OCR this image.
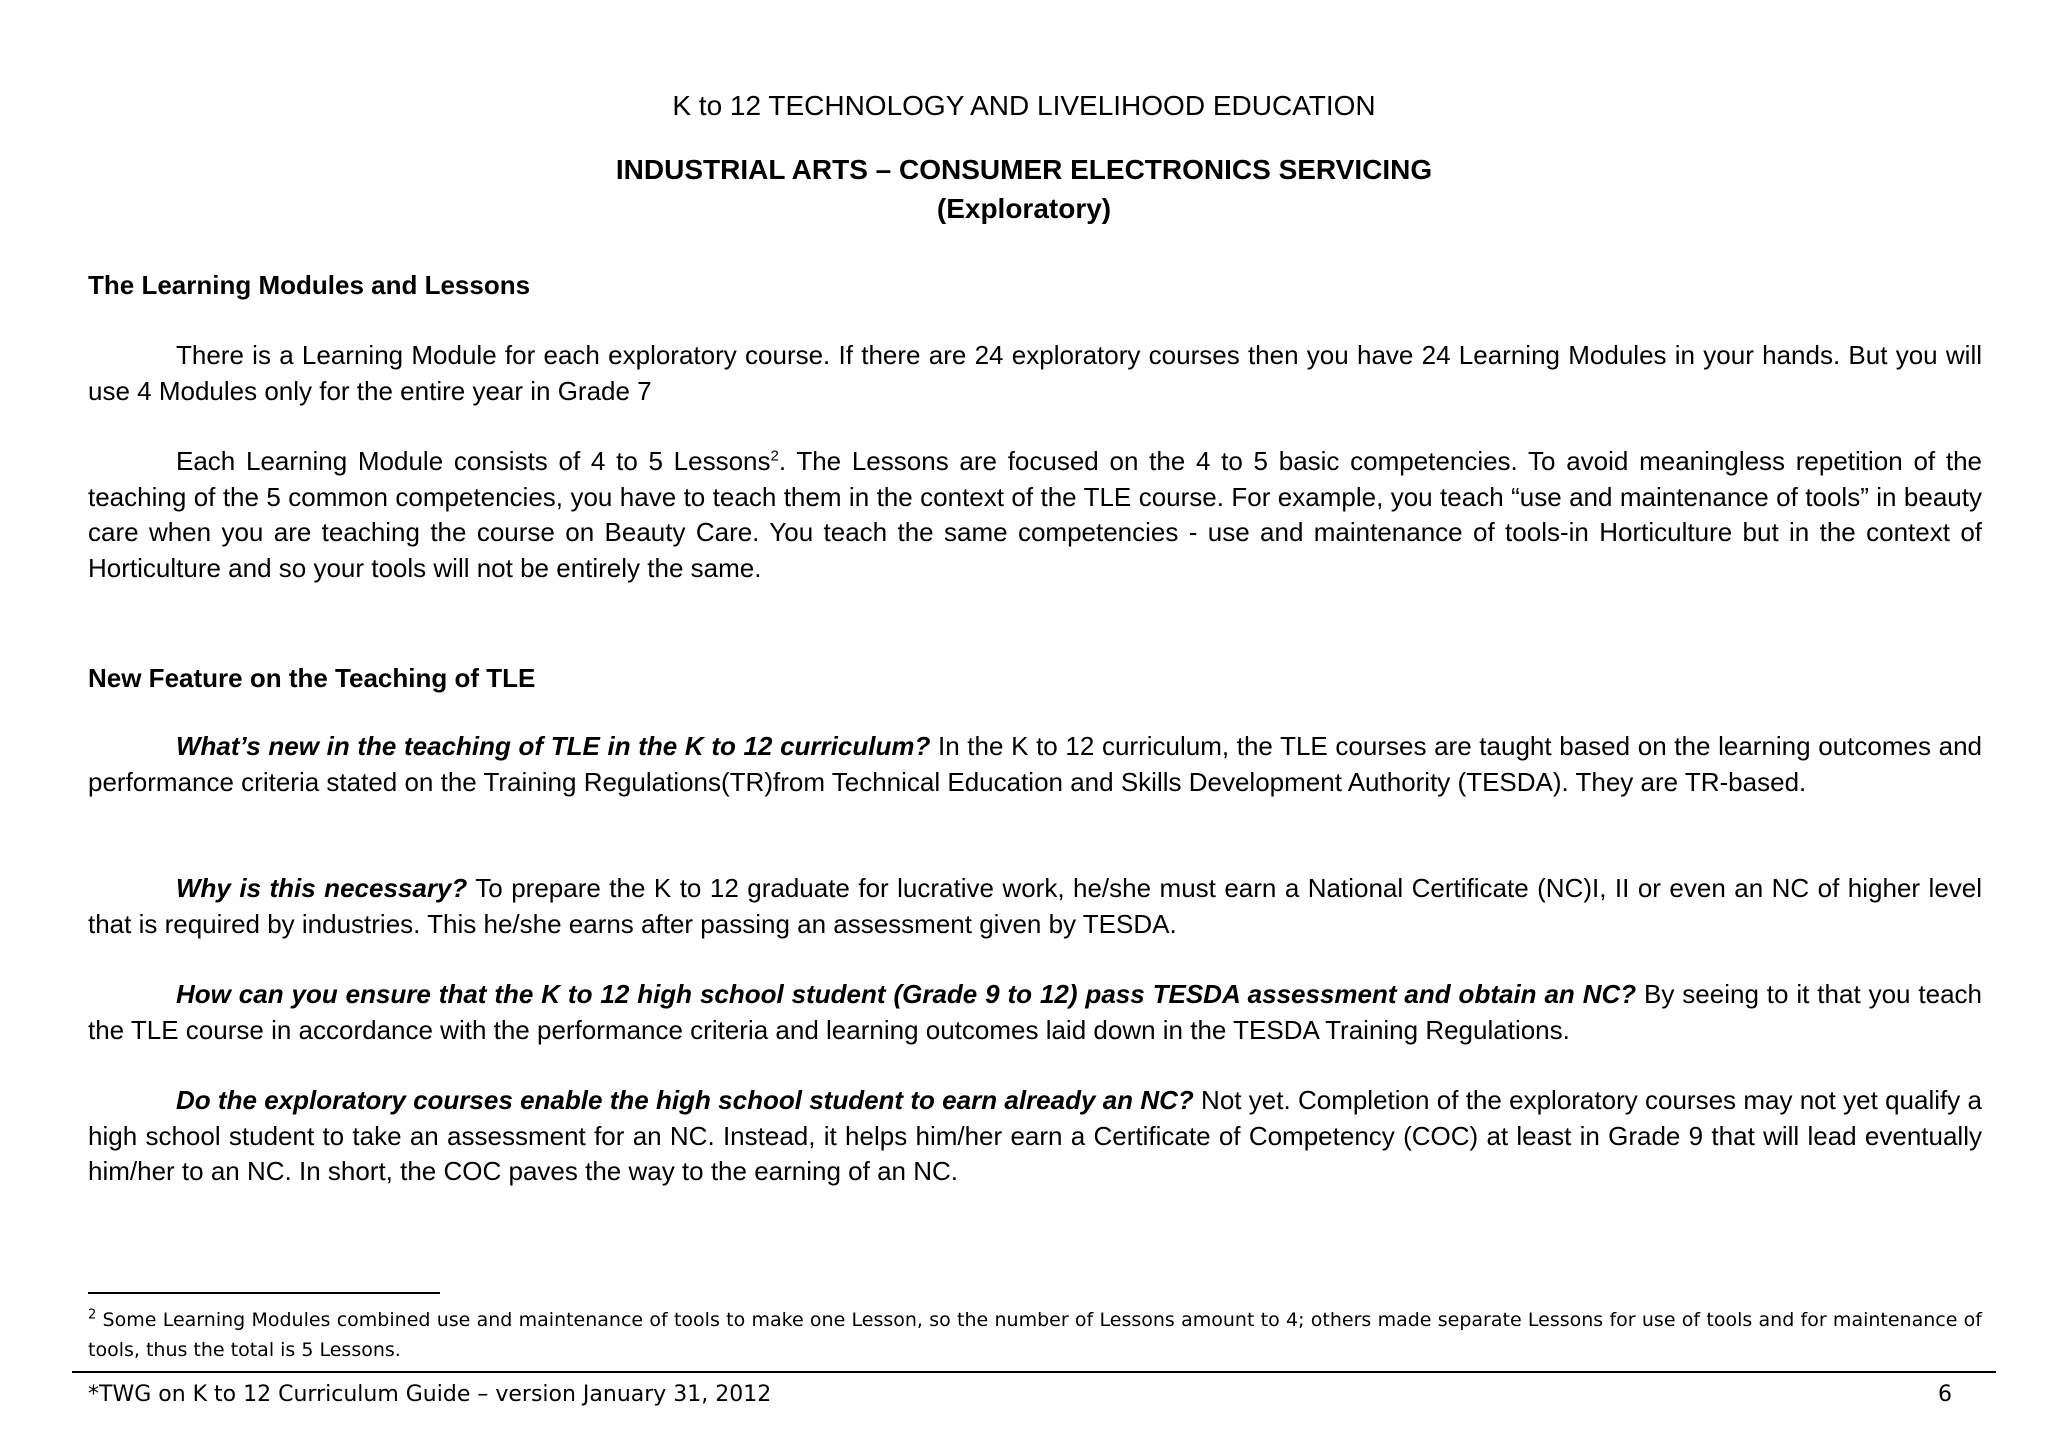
K to 12 TECHNOLOGY AND LIVELIHOOD EDUCATION
INDUSTRIAL ARTS – CONSUMER ELECTRONICS SERVICING
(Exploratory)
The Learning Modules and Lessons
There is a Learning Module for each exploratory course. If there are 24 exploratory courses then you have 24 Learning Modules in your hands. But you will use 4 Modules only for the entire year in Grade 7
Each Learning Module consists of 4 to 5 Lessons$^2$. The Lessons are focused on the 4 to 5 basic competencies. To avoid meaningless repetition of the teaching of the 5 common competencies, you have to teach them in the context of the TLE course. For example, you teach “use and maintenance of tools” in beauty care when you are teaching the course on Beauty Care. You teach the same competencies - use and maintenance of tools-in Horticulture but in the context of Horticulture and so your tools will not be entirely the same.
New Feature on the Teaching of TLE
What’s new in the teaching of TLE in the K to 12 curriculum? In the K to 12 curriculum, the TLE courses are taught based on the learning outcomes and performance criteria stated on the Training Regulations(TR)from Technical Education and Skills Development Authority (TESDA). They are TR-based.
Why is this necessary? To prepare the K to 12 graduate for lucrative work, he/she must earn a National Certificate (NC)I, II or even an NC of higher level that is required by industries. This he/she earns after passing an assessment given by TESDA.
How can you ensure that the K to 12 high school student (Grade 9 to 12) pass TESDA assessment and obtain an NC? By seeing to it that you teach the TLE course in accordance with the performance criteria and learning outcomes laid down in the TESDA Training Regulations.
Do the exploratory courses enable the high school student to earn already an NC? Not yet. Completion of the exploratory courses may not yet qualify a high school student to take an assessment for an NC. Instead, it helps him/her earn a Certificate of Competency (COC) at least in Grade 9 that will lead eventually him/her to an NC. In short, the COC paves the way to the earning of an NC.
$^2$ Some Learning Modules combined use and maintenance of tools to make one Lesson, so the number of Lessons amount to 4; others made separate Lessons for use of tools and for maintenance of tools, thus the total is 5 Lessons.
*TWG on K to 12 Curriculum Guide – version January 31, 2012	6
